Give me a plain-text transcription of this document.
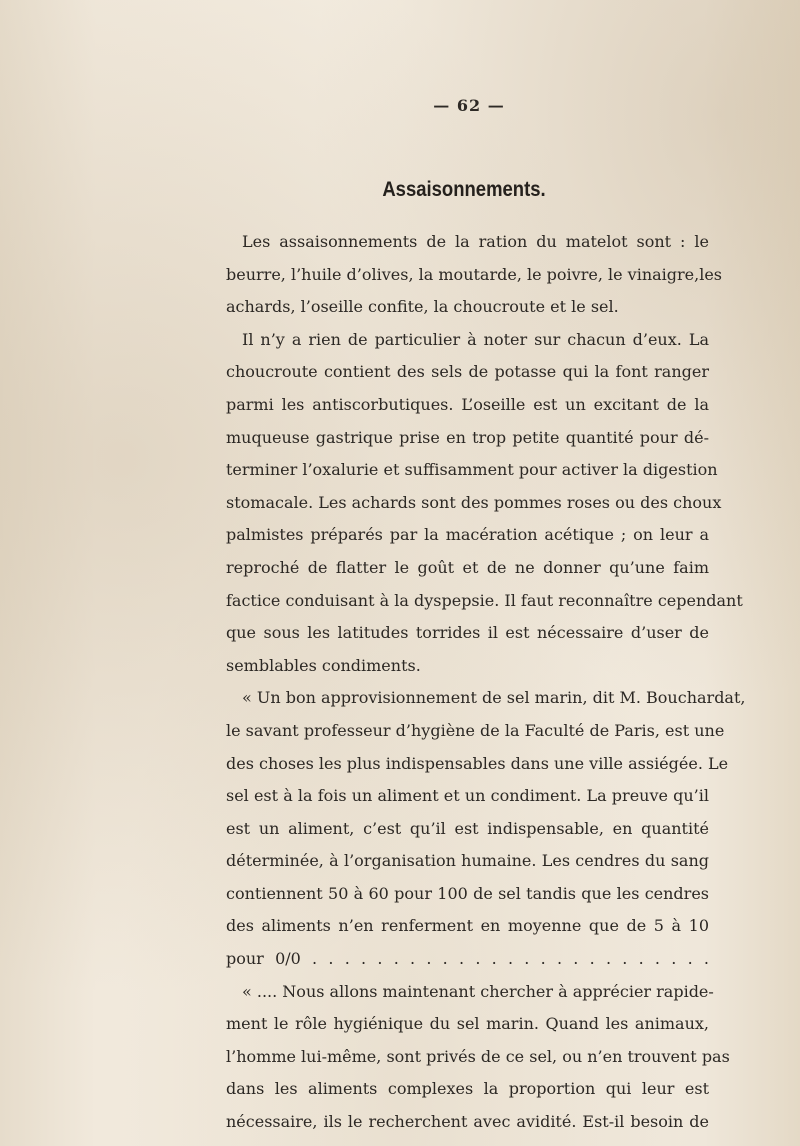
— 62 —
Assaisonnements.
Les assaisonnements de la ration du matelot sont : le
beurre, l’huile d’olives, la moutarde, le poivre, le vinaigre,les
achards, l’oseille confite, la choucroute et le sel.
Il n’y a rien de particulier à noter sur chacun d’eux. La
choucroute contient des sels de potasse qui la font ranger
parmi les antiscorbutiques. L’oseille est un excitant de la
muqueuse gastrique prise en trop petite quantité pour dé-
terminer l’oxalurie et suffisamment pour activer la digestion
stomacale. Les achards sont des pommes roses ou des choux
palmistes préparés par la macération acétique ; on leur a
reproché de flatter le goût et de ne donner qu’une faim
factice conduisant à la dyspepsie. Il faut reconnaître cependant
que sous les latitudes torrides il est nécessaire d’user de
semblables condiments.
« Un bon approvisionnement de sel marin, dit M. Bouchardat,
le savant professeur d’hygiène de la Faculté de Paris, est une
des choses les plus indispensables dans une ville assiégée. Le
sel est à la fois un aliment et un condiment. La preuve qu’il
est un aliment, c’est qu’il est indispensable, en quantité
déterminée, à l’organisation humaine. Les cendres du sang
contiennent 50 à 60 pour 100 de sel tandis que les cendres
des aliments n’en renferment en moyenne que de 5 à 10
pour 0/0 . . . . . . . . . . . . . . . . . . . . . . . . .
« .... Nous allons maintenant chercher à apprécier rapide-
ment le rôle hygiénique du sel marin. Quand les animaux,
l’homme lui-même, sont privés de ce sel, ou n’en trouvent pas
dans les aliments complexes la proportion qui leur est
nécessaire, ils le recherchent avec avidité. Est-il besoin de
